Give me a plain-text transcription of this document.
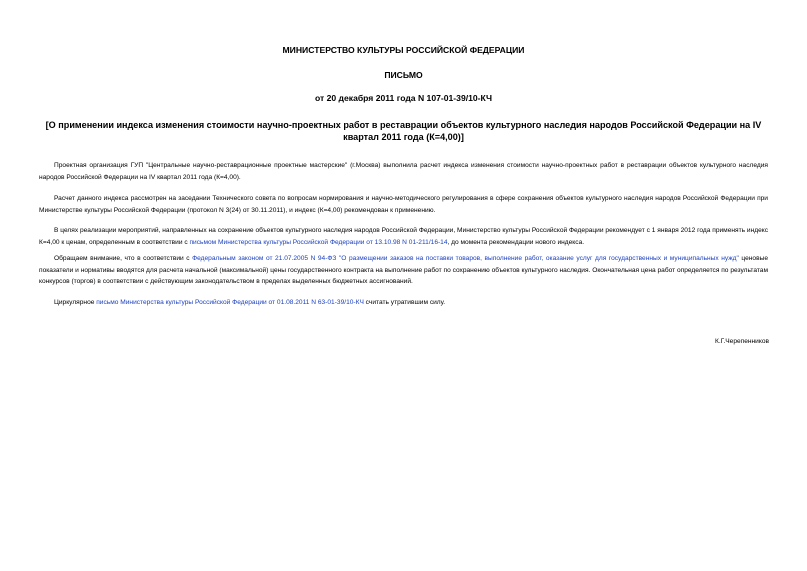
МИНИСТЕРСТВО КУЛЬТУРЫ РОССИЙСКОЙ ФЕДЕРАЦИИ
ПИСЬМО
от 20 декабря 2011 года N 107-01-39/10-КЧ
[О применении индекса изменения стоимости научно-проектных работ в реставрации объектов культурного наследия народов Российской Федерации на IV квартал 2011 года (К=4,00)]
Проектная организация ГУП "Центральные научно-реставрационные проектные мастерские" (г.Москва) выполнила расчет индекса изменения стоимости научно-проектных работ в реставрации объектов культурного наследия народов Российской Федерации на IV квартал 2011 года (К=4,00).
Расчет данного индекса рассмотрен на заседании Технического совета по вопросам нормирования и научно-методического регулирования в сфере сохранения объектов культурного наследия народов Российской Федерации при Министерстве культуры Российской Федерации (протокол N 3(24) от 30.11.2011), и индекс (К=4,00) рекомендован к применению.
В целях реализации мероприятий, направленных на сохранение объектов культурного наследия народов Российской Федерации, Министерство культуры Российской Федерации рекомендует с 1 января 2012 года применять индекс К=4,00 к ценам, определенным в соответствии с письмом Министерства культуры Российской Федерации от 13.10.98 N 01-211/16-14, до момента рекомендации нового индекса.
Обращаем внимание, что в соответствии с Федеральным законом от 21.07.2005 N 94-ФЗ "О размещении заказов на поставки товаров, выполнение работ, оказание услуг для государственных и муниципальных нужд" ценовые показатели и нормативы вводятся для расчета начальной (максимальной) цены государственного контракта на выполнение работ по сохранению объектов культурного наследия. Окончательная цена работ определяется по результатам конкурсов (торгов) в соответствии с действующим законодательством в пределах выделенных бюджетных ассигнований.
Циркулярное письмо Министерства культуры Российской Федерации от 01.08.2011 N 63-01-39/10-КЧ считать утратившим силу.
К.Г.Черепенников
